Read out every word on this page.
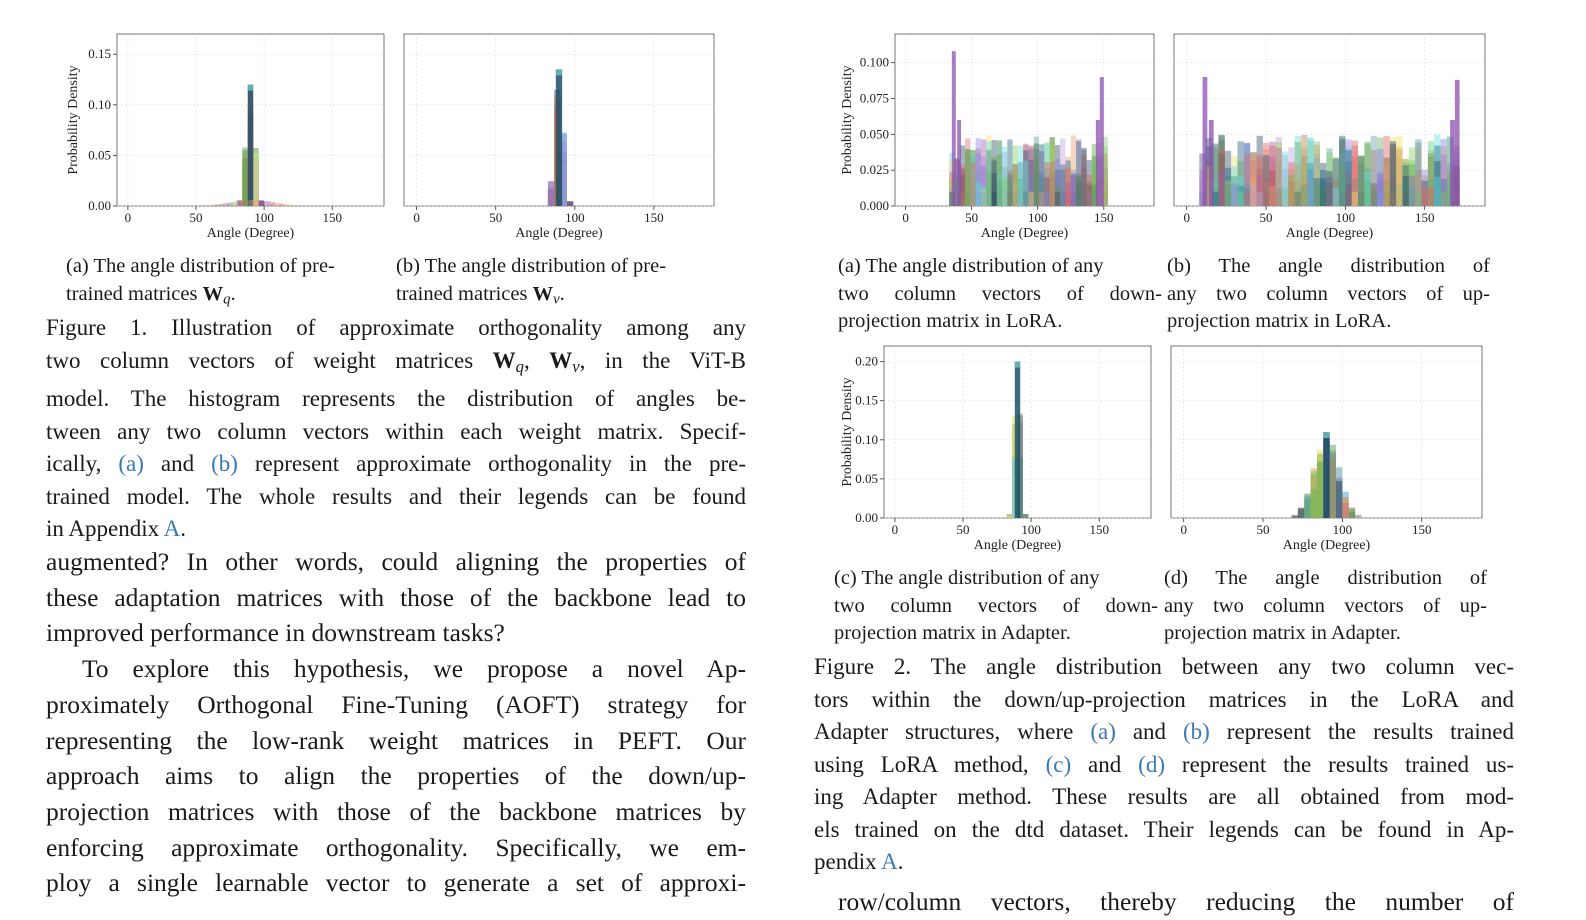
0	50	100	150
0.00
0.05
0.10
0.15
Angle (Degree)
Probability Density
0	50	100	150
Angle (Degree)
(a) The angle distribution of pre-
trained matrices $W_q$.
(b) The angle distribution of pre-
trained matrices $W_v$.
Figure 1. Illustration of approximate orthogonality among any
two column vectors of weight matrices $W_q$, $W_v$, in the ViT-B
model. The histogram represents the distribution of angles be-
tween any two column vectors within each weight matrix. Specif-
ically, (a) and (b) represent approximate orthogonality in the pre-
trained model. The whole results and their legends can be found
in Appendix A.
augmented? In other words, could aligning the properties of
these adaptation matrices with those of the backbone lead to
improved performance in downstream tasks?
To explore this hypothesis, we propose a novel Ap-
proximately Orthogonal Fine-Tuning (AOFT) strategy for
representing the low-rank weight matrices in PEFT. Our
approach aims to align the properties of the down/up-
projection matrices with those of the backbone matrices by
enforcing approximate orthogonality. Specifically, we em-
ploy a single learnable vector to generate a set of approxi-
0	50	100	150
0.000
0.025
0.050
0.075
0.100
Angle (Degree)
Probability Density
0	50	100	150
Angle (Degree)
0	50	100	150
0.00
0.05
0.10
0.15
0.20
Angle (Degree)
Probability Density
0	50	100	150
Angle (Degree)
(a) The angle distribution of any
two column vectors of down-
projection matrix in LoRA.
(b) The angle distribution of
any two column vectors of up-
projection matrix in LoRA.
(c) The angle distribution of any
two column vectors of down-
projection matrix in Adapter.
(d) The angle distribution of
any two column vectors of up-
projection matrix in Adapter.
Figure 2. The angle distribution between any two column vec-
tors within the down/up-projection matrices in the LoRA and
Adapter structures, where (a) and (b) represent the results trained
using LoRA method, (c) and (d) represent the results trained us-
ing Adapter method. These results are all obtained from mod-
els trained on the dtd dataset. Their legends can be found in Ap-
pendix A.
row/column vectors, thereby reducing the number of
